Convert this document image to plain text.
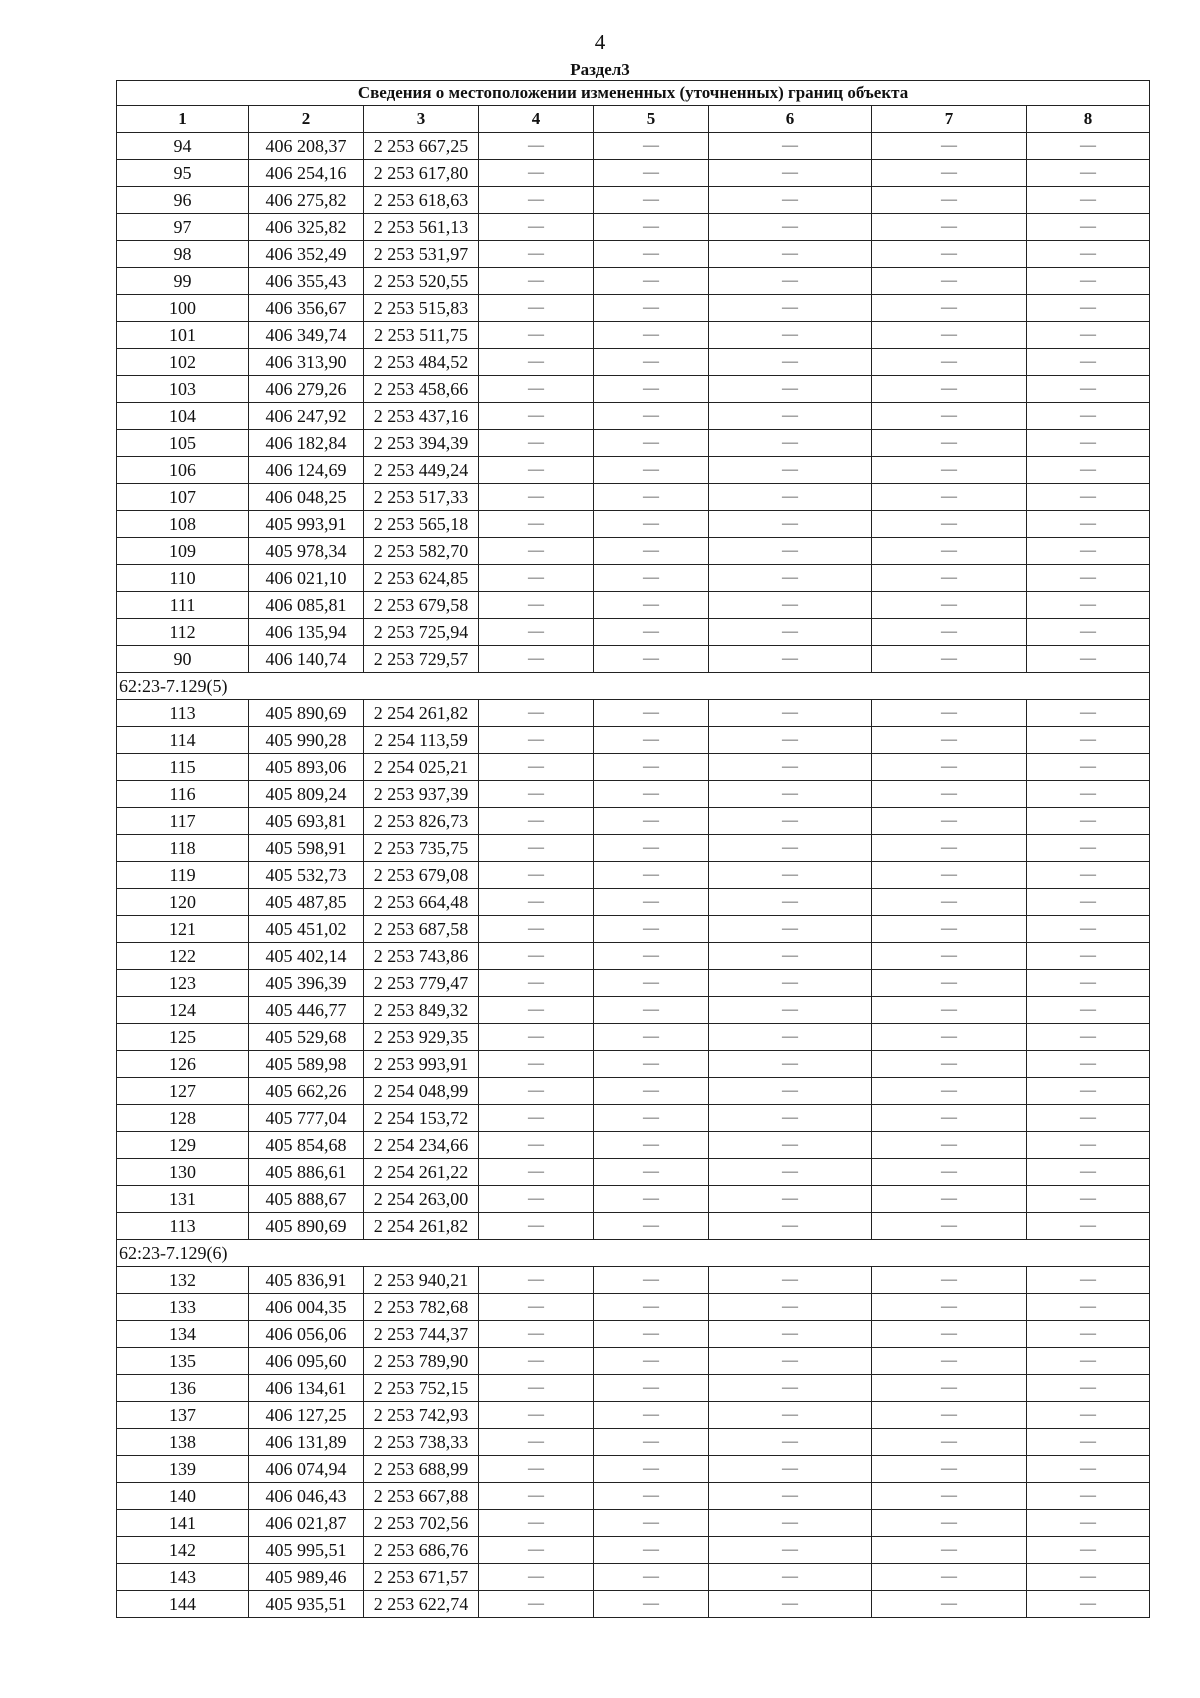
4
Раздел3
Сведения о местоположении измененных (уточненных) границ объекта							
1	2	3	4	5	6	7	8
94	406 208,37	2 253 667,25	—	—	—	—	—
95	406 254,16	2 253 617,80	—	—	—	—	—
96	406 275,82	2 253 618,63	—	—	—	—	—
97	406 325,82	2 253 561,13	—	—	—	—	—
98	406 352,49	2 253 531,97	—	—	—	—	—
99	406 355,43	2 253 520,55	—	—	—	—	—
100	406 356,67	2 253 515,83	—	—	—	—	—
101	406 349,74	2 253 511,75	—	—	—	—	—
102	406 313,90	2 253 484,52	—	—	—	—	—
103	406 279,26	2 253 458,66	—	—	—	—	—
104	406 247,92	2 253 437,16	—	—	—	—	—
105	406 182,84	2 253 394,39	—	—	—	—	—
106	406 124,69	2 253 449,24	—	—	—	—	—
107	406 048,25	2 253 517,33	—	—	—	—	—
108	405 993,91	2 253 565,18	—	—	—	—	—
109	405 978,34	2 253 582,70	—	—	—	—	—
110	406 021,10	2 253 624,85	—	—	—	—	—
111	406 085,81	2 253 679,58	—	—	—	—	—
112	406 135,94	2 253 725,94	—	—	—	—	—
90	406 140,74	2 253 729,57	—	—	—	—	—
62:23-7.129(5)							
113	405 890,69	2 254 261,82	—	—	—	—	—
114	405 990,28	2 254 113,59	—	—	—	—	—
115	405 893,06	2 254 025,21	—	—	—	—	—
116	405 809,24	2 253 937,39	—	—	—	—	—
117	405 693,81	2 253 826,73	—	—	—	—	—
118	405 598,91	2 253 735,75	—	—	—	—	—
119	405 532,73	2 253 679,08	—	—	—	—	—
120	405 487,85	2 253 664,48	—	—	—	—	—
121	405 451,02	2 253 687,58	—	—	—	—	—
122	405 402,14	2 253 743,86	—	—	—	—	—
123	405 396,39	2 253 779,47	—	—	—	—	—
124	405 446,77	2 253 849,32	—	—	—	—	—
125	405 529,68	2 253 929,35	—	—	—	—	—
126	405 589,98	2 253 993,91	—	—	—	—	—
127	405 662,26	2 254 048,99	—	—	—	—	—
128	405 777,04	2 254 153,72	—	—	—	—	—
129	405 854,68	2 254 234,66	—	—	—	—	—
130	405 886,61	2 254 261,22	—	—	—	—	—
131	405 888,67	2 254 263,00	—	—	—	—	—
113	405 890,69	2 254 261,82	—	—	—	—	—
62:23-7.129(6)							
132	405 836,91	2 253 940,21	—	—	—	—	—
133	406 004,35	2 253 782,68	—	—	—	—	—
134	406 056,06	2 253 744,37	—	—	—	—	—
135	406 095,60	2 253 789,90	—	—	—	—	—
136	406 134,61	2 253 752,15	—	—	—	—	—
137	406 127,25	2 253 742,93	—	—	—	—	—
138	406 131,89	2 253 738,33	—	—	—	—	—
139	406 074,94	2 253 688,99	—	—	—	—	—
140	406 046,43	2 253 667,88	—	—	—	—	—
141	406 021,87	2 253 702,56	—	—	—	—	—
142	405 995,51	2 253 686,76	—	—	—	—	—
143	405 989,46	2 253 671,57	—	—	—	—	—
144	405 935,51	2 253 622,74	—	—	—	—	—
